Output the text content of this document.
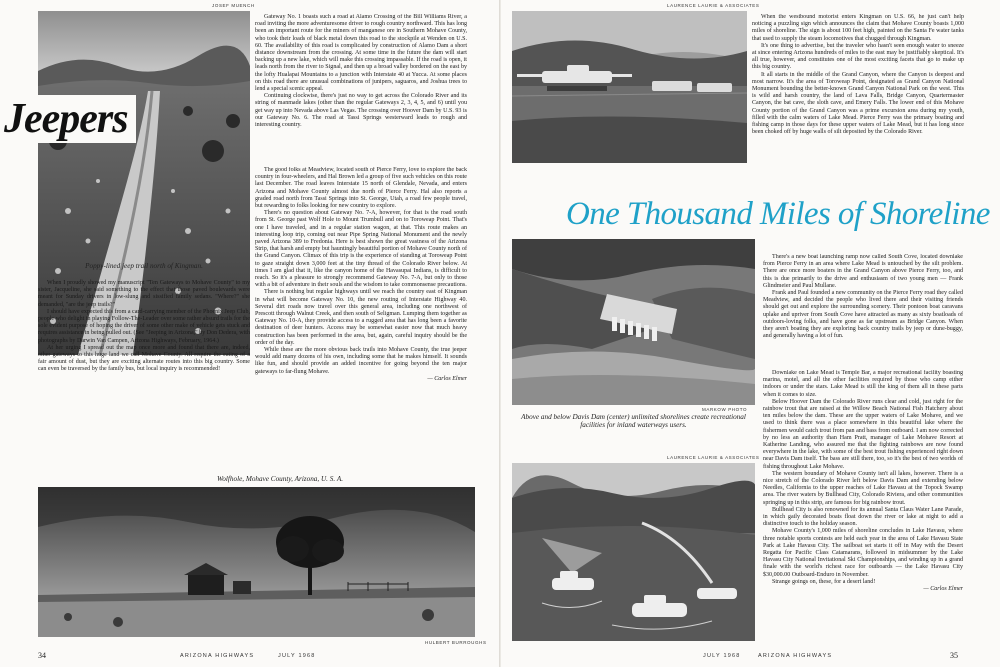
JOSEF MUENCH
Jeepers
Poppy-lined jeep trail north of Kingman.

When I proudly showed my manuscript "Ten Gateways to Mohave County" to my sister, Jacqueline, she said something to the effect that those paved boulevards were meant for Sunday drivers in low-slung and sissified family sedans. "Where?" she demanded, "are the jeep trails?"

I should have expected this from a card-carrying member of the Phoenix Jeep Club, people who delight in playing Follow-The-Leader over some rather absurd trails for the sole evident purpose of hoping the driver of some other make of vehicle gets stuck and requires assistance in being pulled out. (See "Jeeping in Arizona," by Don Dedera, with photographs by Darwin Van Campen, Arizona Highways, February, 1964.)

At her urging I spread out the map once more and found that there are, indeed, other gateways to this huge land we call Mohave County. All require the eating of a fair amount of dust, but they are exciting alternate routes into this big country. Some can even be traversed by the family bus, but local inquiry is recommended!

Gateway No. 1 boasts such a road at Alamo Crossing of the Bill Williams River, a road inviting the more adventuresome driver to rough country northward. This has long been an important route for the miners of manganese ore in Southern Mohave County, who took their loads of black metal down this road to the stockpile at Wenden on U.S. 60. The availability of this road is complicated by construction of Alamo Dam a short distance downstream from the crossing. At some time in the future the dam will start backing up a new lake, which will make this crossing impassable. If the road is open, it leads north from the river to Signal, and then up a broad valley bordered on the east by the lofty Hualapai Mountains to a junction with Interstate 40 at Yucca. At some places on this road there are unusual combinations of junipers, saguaros, and Joshua trees to lend a special scenic appeal.

Continuing clockwise, there's just no way to get across the Colorado River and its string of manmade lakes (other than the regular Gateways 2, 3, 4, 5, and 6) until you get way up into Nevada above Las Vegas. The crossing over Hoover Dam by U.S. 93 is our Gateway No. 6. The road at Tassi Springs westerward leads to rough and interesting country.

The good folks at Meadview, located south of Pierce Ferry, love to explore the back country in four-wheelers, and Hal Brown led a group of five such vehicles on this route last December. The road leaves Interstate 15 north of Glendale, Nevada, and enters Arizona and Mohave County almost due north of Pierce Ferry. Hal also reports a graded road north from Tassi Springs into St. George, Utah, a road few people travel, but rewarding to folks looking for new country to explore.

There's no question about Gateway No. 7-A, however, for that is the road south from St. George past Wolf Hole to Mount Trumbull and on to Toroweap Point. That's one I have traveled, and in a regular station wagon, at that. This route makes an interesting loop trip, coming out near Pipe Spring National Monument and the newly paved Arizona 389 to Fredonia. Here is best shown the great vastness of the Arizona Strip, that harsh and empty but hauntingly beautiful portion of Mohave County north of the Grand Canyon. Climax of this trip is the experience of standing at Toroweap Point to gaze straight down 3,000 feet at the tiny thread of the Colorado River below. At times I am glad that it, like the canyon home of the Havasupai Indians, is difficult to reach. So it's a pleasure to strongly recommend Gateway No. 7-A, but only to those with a bit of adventure in their souls and the wisdom to take commonsense precautions.

There is nothing but regular highways until we reach the country east of Kingman in what will become Gateway No. 10, the new routing of Interstate Highway 40. Several dirt roads now travel over this general area, including one northwest of Prescott through Walnut Creek, and then south of Seligman. Lumping them together as Gateway No. 10-A, they provide access to a rugged area that has long been a favorite destination of deer hunters. Access may be somewhat easier now that much heavy construction has been performed in the area, but, again, careful inquiry should be the order of the day.

While these are the more obvious back trails into Mohave County, the true jeeper would add many dozens of his own, including some that he makes himself. It sounds like fun, and should provide an added incentive for going beyond the ten major gateways to far-flung Mohave.

— Carlos Elmer
Wolfhole, Mohave County, Arizona, U. S. A.
HULBERT BURROUGHS
34	ARIZONA HIGHWAYS	JULY 1968
LAURENCE LAURIE & ASSOCIATES

When the westbound motorist enters Kingman on U.S. 66, he just can't help noticing a puzzling sign which announces the claim that Mohave County boasts 1,000 miles of shoreline. The sign is about 100 feet high, painted on the Santa Fe water tanks that used to supply the steam locomotives that chugged through Kingman.

It's one thing to advertise, but the traveler who hasn't seen enough water to sneeze at since entering Arizona hundreds of miles to the east may be justifiably skeptical. It's all true, however, and constitutes one of the most exciting facets that go to make up this big country.

It all starts in the middle of the Grand Canyon, where the Canyon is deepest and most narrow. It's the area of Toroweap Point, designated as Grand Canyon National Monument bounding the better-known Grand Canyon National Park on the west. This is wild and harsh country, the land of Lava Falls, Bridge Canyon, Quartermaster Canyon, the bat cave, the sloth cave, and Emery Falls. The lower end of this Mohave County portion of the Grand Canyon was a prime excursion area during my youth, filled with the calm waters of Lake Mead. Pierce Ferry was the primary boating and fishing camp in those days for these upper waters of Lake Mead, but it has long since been choked off by huge walls of silt deposited by the Colorado River.

One Thousand Miles of Shoreline
MARKOW PHOTO
Above and below Davis Dam (center) unlimited shorelines create recreational facilities for inland waterways users.

There's a new boat launching ramp now called South Cove, located downlake from Pierce Ferry in an area where Lake Mead is untouched by the silt problem. There are once more boaters in the Grand Canyon above Pierce Ferry, too, and this is due primarily to the drive and enthusiasm of two young men — Frank Glindmeier and Paul Mullane.

Frank and Paul founded a new community on the Pierce Ferry road they called Meadview, and decided the people who lived there and their visiting friends should get out and explore the surrounding scenery. Their pontoon boat caravans uplake and upriver from South Cove have attracted as many as sixty boatloads of outdoors-loving folks, and have gone as far upstream as Bridge Canyon. When they aren't boating they are exploring back country trails by jeep or dune-buggy, and generally having a lot of fun.

Downlake on Lake Mead is Temple Bar, a major recreational facility boasting marina, motel, and all the other facilities required by those who camp either indoors or under the stars. Lake Mead is still the king of them all in these parts when it comes to size.

Below Hoover Dam the Colorado River runs clear and cold, just right for the rainbow trout that are raised at the Willow Beach National Fish Hatchery about ten miles below the dam. These are the upper waters of Lake Mohave, and we used to think there was a place somewhere in this beautiful lake where the fishermen would catch trout from pan and bass from outboard. I am now corrected by no less an authority than Ham Pratt, manager of Lake Mohave Resort at Katherine Landing, who assured me that the fighting rainbows are now found everywhere in the lake, with some of the best trout fishing experienced right down near Davis Dam itself. The bass are still there, too, so it's the best of two worlds of fishing throughout Lake Mohave.

The western boundary of Mohave County isn't all lakes, however. There is a nice stretch of the Colorado River left below Davis Dam and extending below Needles, California to the upper reaches of Lake Havasu at the Topock Swamp area. The river waters by Bullhead City, Colorado Riviera, and other communities springing up in this strip, are famous for big rainbow trout.

Bullhead City is also renowned for its annual Santa Claus Water Lane Parade, in which gaily decorated boats float down the river or lake at night to add a distinctive touch to the holiday season.

Mohave County's 1,000 miles of shoreline concludes in Lake Havasu, where three notable sports contests are held each year in the area of Lake Havasu State Park at Lake Havasu City. The sailboat set starts it off in May with the Desert Regatta for Pacific Class Catamarans, followed in midsummer by the Lake Havasu City National Invitational Ski Championships, and winding up in a grand finale with the world's richest race for outboards — the Lake Havasu City $30,000.00 Outboard-Enduro in November.

Strange goings on, these, for a desert land!

— Carlos Elmer
LAURENCE LAURIE & ASSOCIATES
JULY 1968	ARIZONA HIGHWAYS	35
